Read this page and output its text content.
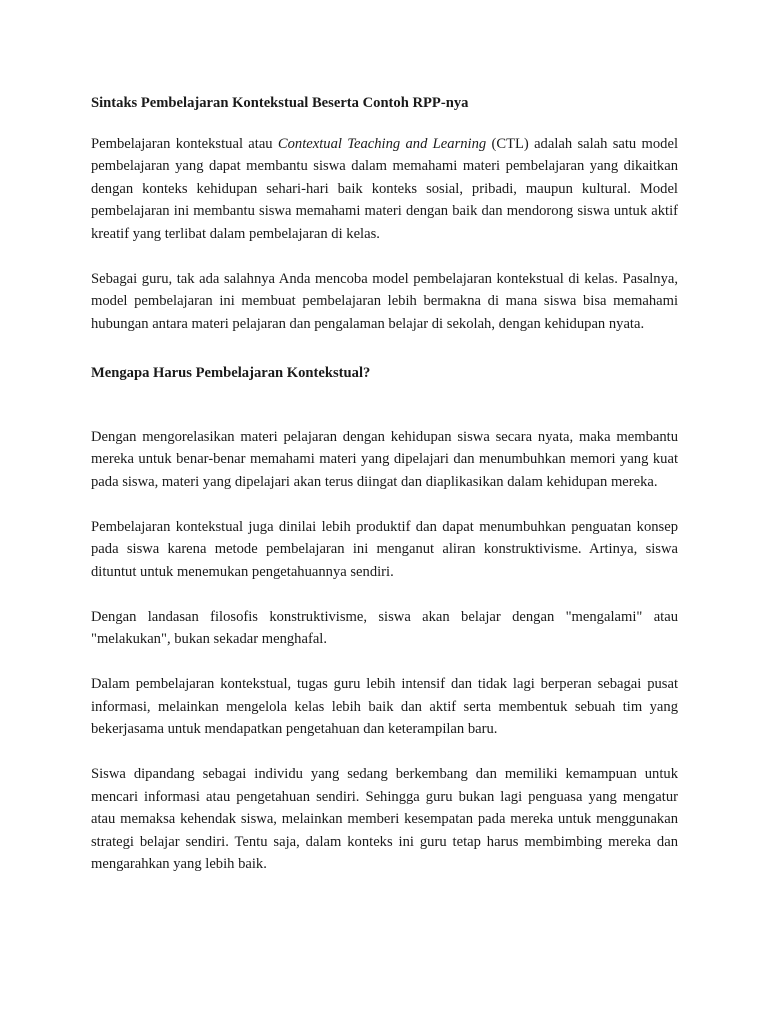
Sintaks Pembelajaran Kontekstual Beserta Contoh RPP-nya

Pembelajaran kontekstual atau Contextual Teaching and Learning (CTL) adalah salah satu model pembelajaran yang dapat membantu siswa dalam memahami materi pembelajaran yang dikaitkan dengan konteks kehidupan sehari-hari baik konteks sosial, pribadi, maupun kultural. Model pembelajaran ini membantu siswa memahami materi dengan baik dan mendorong siswa untuk aktif kreatif yang terlibat dalam pembelajaran di kelas.

Sebagai guru, tak ada salahnya Anda mencoba model pembelajaran kontekstual di kelas. Pasalnya, model pembelajaran ini membuat pembelajaran lebih bermakna di mana siswa bisa memahami hubungan antara materi pelajaran dan pengalaman belajar di sekolah, dengan kehidupan nyata.

Mengapa Harus Pembelajaran Kontekstual?

Dengan mengorelasikan materi pelajaran dengan kehidupan siswa secara nyata, maka membantu mereka untuk benar-benar memahami materi yang dipelajari dan menumbuhkan memori yang kuat pada siswa, materi yang dipelajari akan terus diingat dan diaplikasikan dalam kehidupan mereka.

Pembelajaran kontekstual juga dinilai lebih produktif dan dapat menumbuhkan penguatan konsep pada siswa karena metode pembelajaran ini menganut aliran konstruktivisme. Artinya, siswa dituntut untuk menemukan pengetahuannya sendiri.

Dengan landasan filosofis konstruktivisme, siswa akan belajar dengan "mengalami" atau "melakukan", bukan sekadar menghafal.

Dalam pembelajaran kontekstual, tugas guru lebih intensif dan tidak lagi berperan sebagai pusat informasi, melainkan mengelola kelas lebih baik dan aktif serta membentuk sebuah tim yang bekerjasama untuk mendapatkan pengetahuan dan keterampilan baru.

Siswa dipandang sebagai individu yang sedang berkembang dan memiliki kemampuan untuk mencari informasi atau pengetahuan sendiri. Sehingga guru bukan lagi penguasa yang mengatur atau memaksa kehendak siswa, melainkan memberi kesempatan pada mereka untuk menggunakan strategi belajar sendiri. Tentu saja, dalam konteks ini guru tetap harus membimbing mereka dan mengarahkan yang lebih baik.
